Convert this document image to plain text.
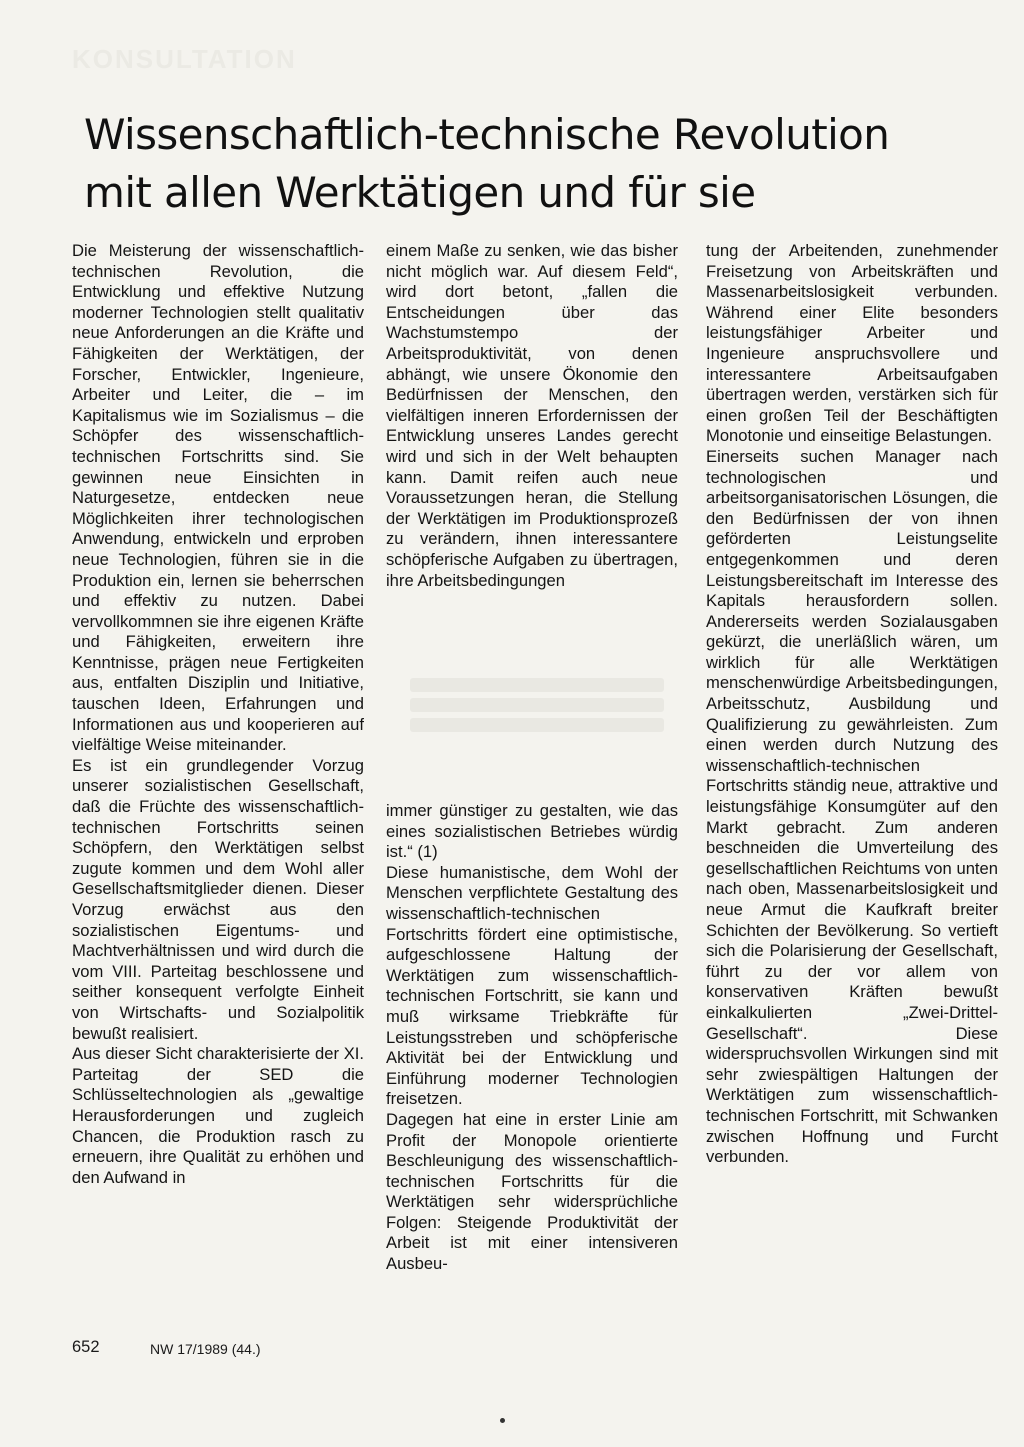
KONSULTATION
Wissenschaftlich-technische Revolution
mit allen Werktätigen und für sie

Die Meisterung der wissenschaftlich-technischen Revolution, die Entwicklung und effektive Nutzung moderner Technologien stellt qualitativ neue Anforderungen an die Kräfte und Fähigkeiten der Werktätigen, der Forscher, Entwickler, Ingenieure, Arbeiter und Leiter, die – im Kapitalismus wie im Sozialismus – die Schöpfer des wissenschaftlich-technischen Fortschritts sind. Sie gewinnen neue Einsichten in Naturgesetze, entdecken neue Möglichkeiten ihrer technologischen Anwendung, entwickeln und erproben neue Technologien, führen sie in die Produktion ein, lernen sie beherrschen und effektiv zu nutzen. Dabei vervollkommnen sie ihre eigenen Kräfte und Fähigkeiten, erweitern ihre Kenntnisse, prägen neue Fertigkeiten aus, entfalten Disziplin und Initiative, tauschen Ideen, Erfahrungen und Informationen aus und kooperieren auf vielfältige Weise miteinander.

Es ist ein grundlegender Vorzug unserer sozialistischen Gesellschaft, daß die Früchte des wissenschaftlich-technischen Fortschritts seinen Schöpfern, den Werktätigen selbst zugute kommen und dem Wohl aller Gesellschaftsmitglieder dienen. Dieser Vorzug erwächst aus den sozialistischen Eigentums- und Machtverhältnissen und wird durch die vom VIII. Parteitag beschlossene und seither konsequent verfolgte Einheit von Wirtschafts- und Sozialpolitik bewußt realisiert.

Aus dieser Sicht charakterisierte der XI. Parteitag der SED die Schlüsseltechnologien als „gewaltige Herausforderungen und zugleich Chancen, die Produktion rasch zu erneuern, ihre Qualität zu erhöhen und den Aufwand in

einem Maße zu senken, wie das bisher nicht möglich war. Auf diesem Feld“, wird dort betont, „fallen die Entscheidungen über das Wachstumstempo der Arbeitsproduktivität, von denen abhängt, wie unsere Ökonomie den Bedürfnissen der Menschen, den vielfältigen inneren Erfordernissen der Entwicklung unseres Landes gerecht wird und sich in der Welt behaupten kann. Damit reifen auch neue Voraussetzungen heran, die Stellung der Werktätigen im Produktionsprozeß zu verändern, ihnen interessantere schöpferische Aufgaben zu übertragen, ihre Arbeitsbedingungen

immer günstiger zu gestalten, wie das eines sozialistischen Betriebes würdig ist.“ (1)

Diese humanistische, dem Wohl der Menschen verpflichtete Gestaltung des wissenschaftlich-technischen Fortschritts fördert eine optimistische, aufgeschlossene Haltung der Werktätigen zum wissenschaftlich-technischen Fortschritt, sie kann und muß wirksame Triebkräfte für Leistungsstreben und schöpferische Aktivität bei der Entwicklung und Einführung moderner Technologien freisetzen.

Dagegen hat eine in erster Linie am Profit der Monopole orientierte Beschleunigung des wissenschaftlich-technischen Fortschritts für die Werktätigen sehr widersprüchliche Folgen: Steigende Produktivität der Arbeit ist mit einer intensiveren Ausbeu-

tung der Arbeitenden, zunehmender Freisetzung von Arbeitskräften und Massenarbeitslosigkeit verbunden. Während einer Elite besonders leistungsfähiger Arbeiter und Ingenieure anspruchsvollere und interessantere Arbeitsaufgaben übertragen werden, verstärken sich für einen großen Teil der Beschäftigten Monotonie und einseitige Belastungen.

Einerseits suchen Manager nach technologischen und arbeitsorganisatorischen Lösungen, die den Bedürfnissen der von ihnen geförderten Leistungselite entgegenkommen und deren Leistungsbereitschaft im Interesse des Kapitals herausfordern sollen. Andererseits werden Sozialausgaben gekürzt, die unerläßlich wären, um wirklich für alle Werktätigen menschenwürdige Arbeitsbedingungen, Arbeitsschutz, Ausbildung und Qualifizierung zu gewährleisten. Zum einen werden durch Nutzung des wissenschaftlich-technischen Fortschritts ständig neue, attraktive und leistungsfähige Konsumgüter auf den Markt gebracht. Zum anderen beschneiden die Umverteilung des gesellschaftlichen Reichtums von unten nach oben, Massenarbeitslosigkeit und neue Armut die Kaufkraft breiter Schichten der Bevölkerung. So vertieft sich die Polarisierung der Gesellschaft, führt zu der vor allem von konservativen Kräften bewußt einkalkulierten „Zwei-Drittel-Gesellschaft“. Diese widerspruchsvollen Wirkungen sind mit sehr zwiespältigen Haltungen der Werktätigen zum wissenschaftlich-technischen Fortschritt, mit Schwanken zwischen Hoffnung und Furcht verbunden.

652	NW 17/1989 (44.)
